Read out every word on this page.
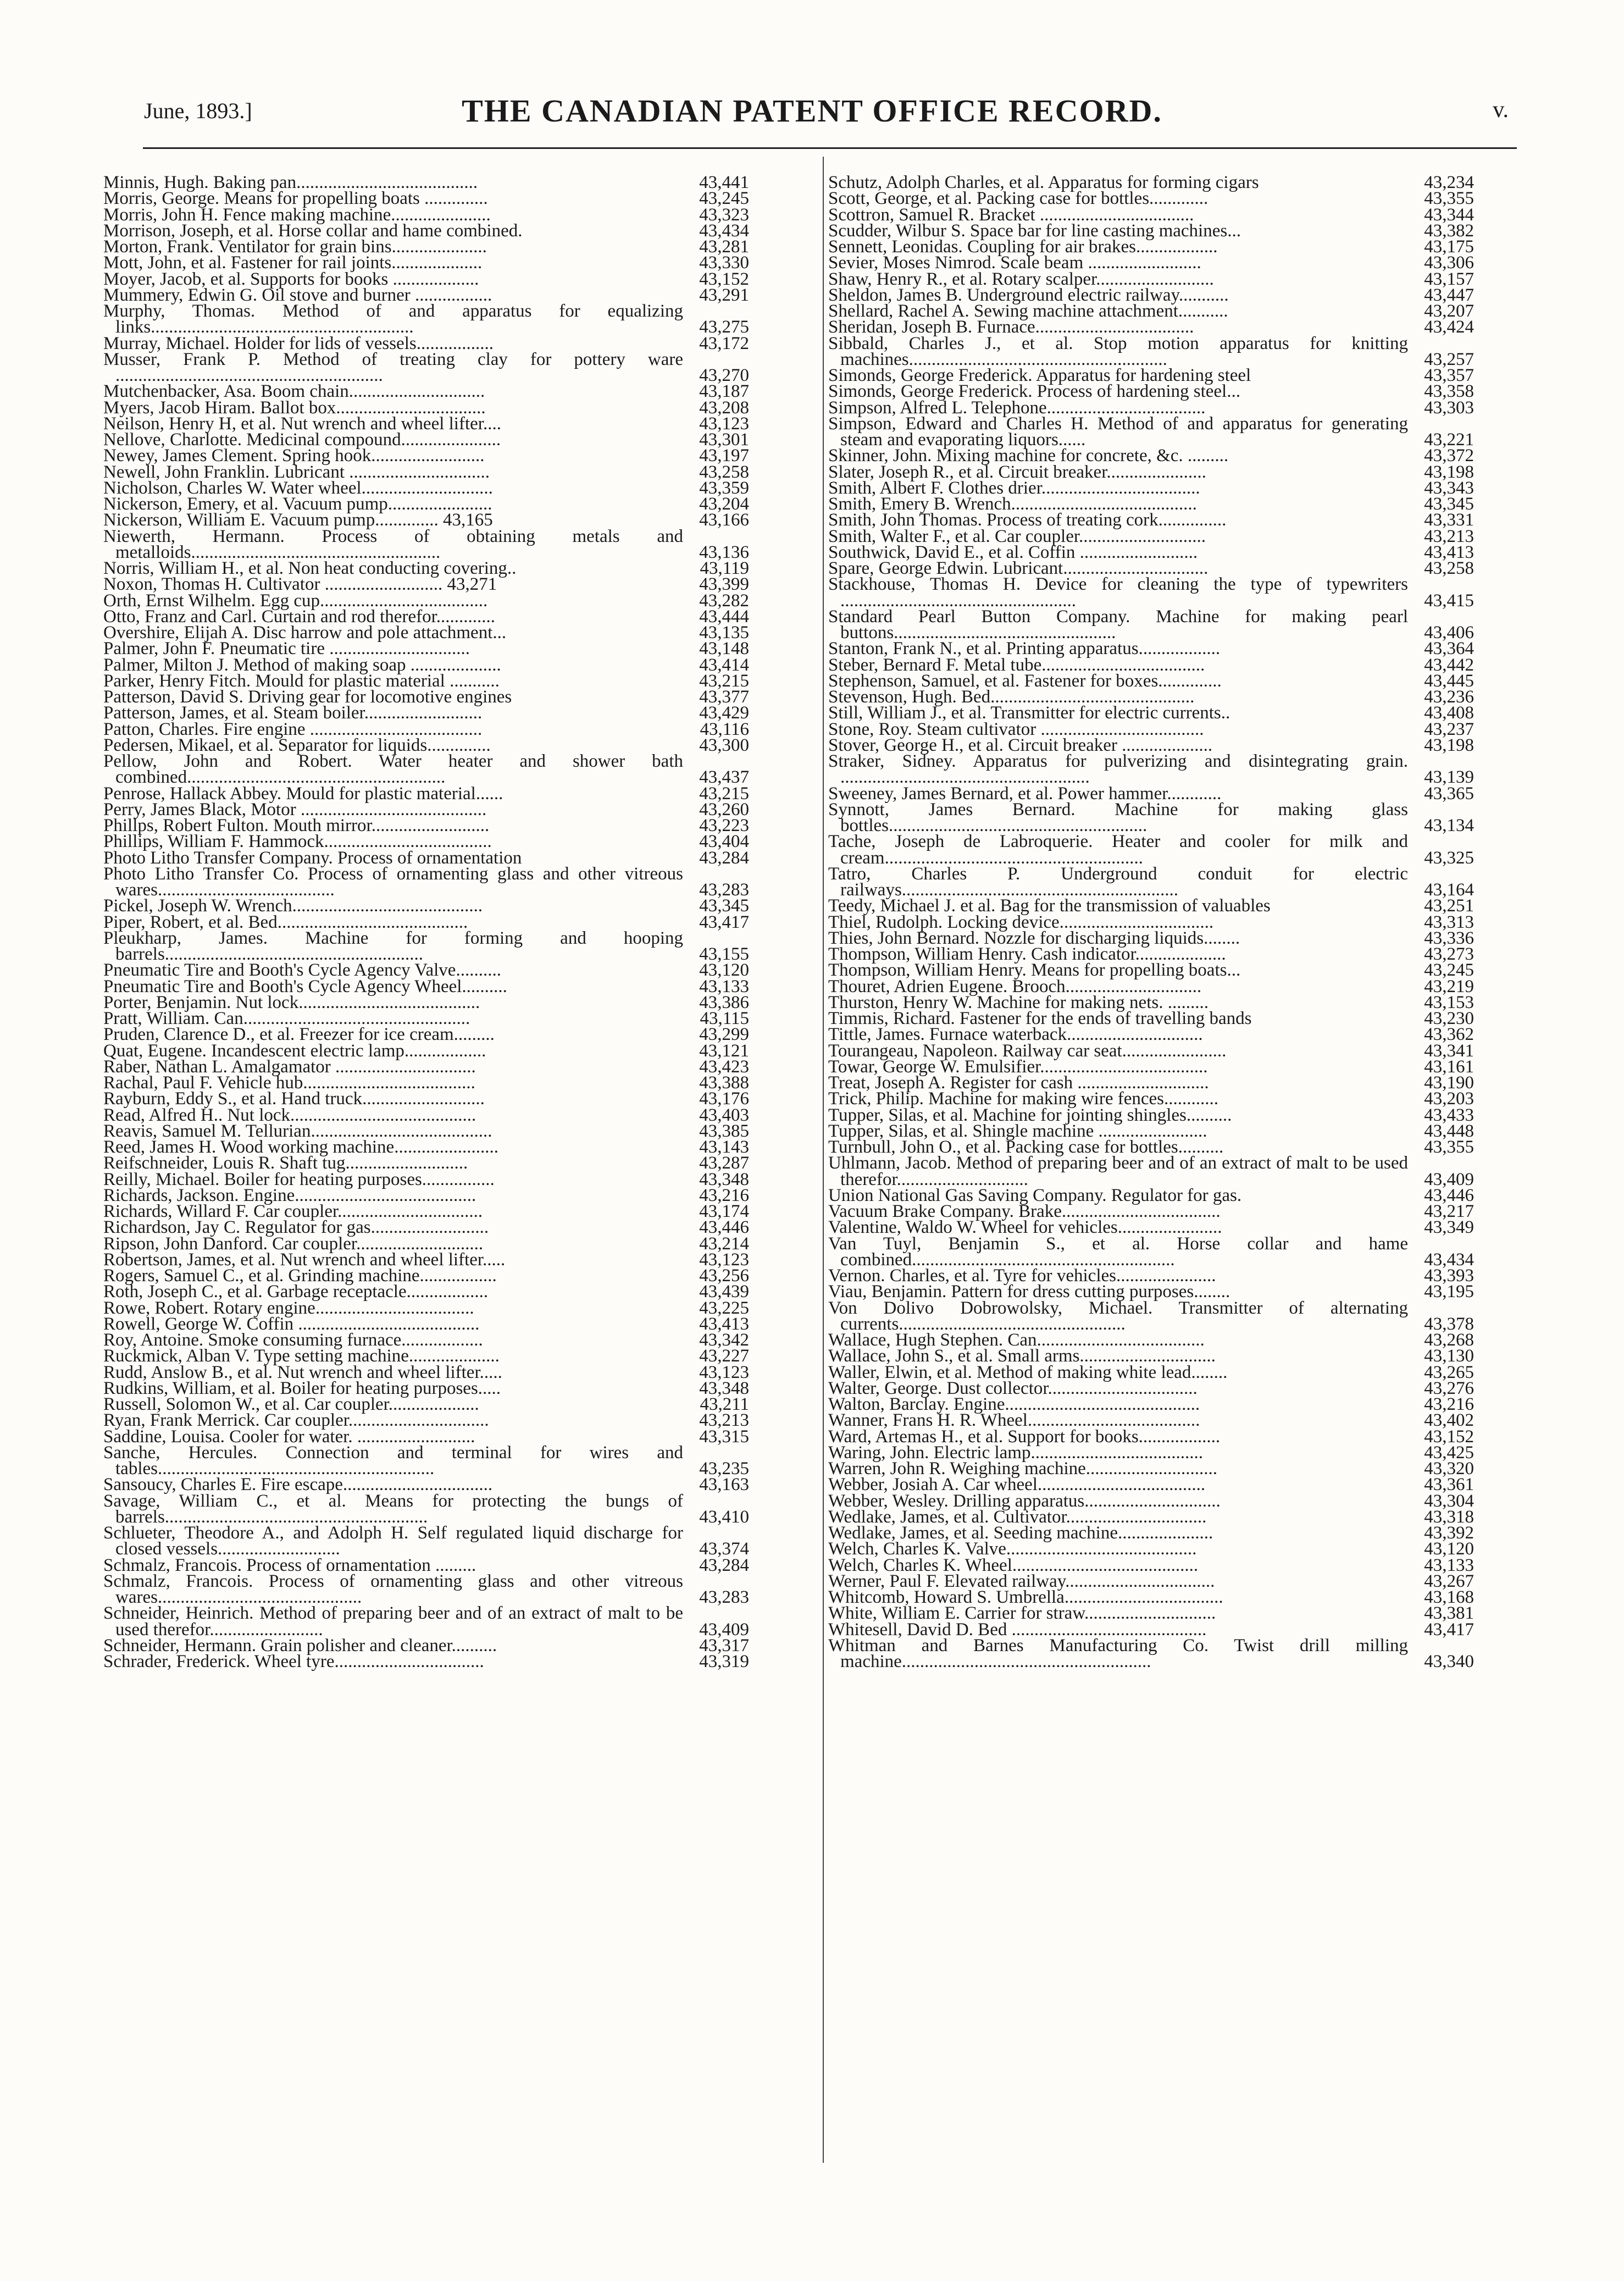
June, 1893.]	THE CANADIAN PATENT OFFICE RECORD.	v.
Minnis, Hugh. Baking pan........................................	43,441
Morris, George. Means for propelling boats ..............	43,245
Morris, John H. Fence making machine......................	43,323
Morrison, Joseph, et al. Horse collar and hame combined.	43,434
Morton, Frank. Ventilator for grain bins.....................	43,281
Mott, John, et al. Fastener for rail joints....................	43,330
Moyer, Jacob, et al. Supports for books ...................	43,152
Mummery, Edwin G. Oil stove and burner .................	43,291
Murphy, Thomas. Method of and apparatus for equalizing links..........................................................	43,275
Murray, Michael. Holder for lids of vessels.................	43,172
Musser, Frank P. Method of treating clay for pottery ware ...........................................................	43,270
Mutchenbacker, Asa. Boom chain..............................	43,187
Myers, Jacob Hiram. Ballot box.................................	43,208
Neilson, Henry H, et al. Nut wrench and wheel lifter....	43,123
Nellove, Charlotte. Medicinal compound......................	43,301
Newey, James Clement. Spring hook.........................	43,197
Newell, John Franklin. Lubricant ...............................	43,258
Nicholson, Charles W. Water wheel.............................	43,359
Nickerson, Emery, et al. Vacuum pump.......................	43,204
Nickerson, William E. Vacuum pump.............. 43,165	43,166
Niewerth, Hermann. Process of obtaining metals and metalloids.......................................................	43,136
Norris, William H., et al. Non heat conducting covering..	43,119
Noxon, Thomas H. Cultivator .......................... 43,271	43,399
Orth, Ernst Wilhelm. Egg cup.....................................	43,282
Otto, Franz and Carl. Curtain and rod therefor.............	43,444
Overshire, Elijah A. Disc harrow and pole attachment...	43,135
Palmer, John F. Pneumatic tire ...............................	43,148
Palmer, Milton J. Method of making soap ....................	43,414
Parker, Henry Fitch. Mould for plastic material ...........	43,215
Patterson, David S. Driving gear for locomotive engines	43,377
Patterson, James, et al. Steam boiler..........................	43,429
Patton, Charles. Fire engine ......................................	43,116
Pedersen, Mikael, et al. Separator for liquids..............	43,300
Pellow, John and Robert. Water heater and shower bath combined.........................................................	43,437
Penrose, Hallack Abbey. Mould for plastic material......	43,215
Perry, James Black, Motor .........................................	43,260
Phillps, Robert Fulton. Mouth mirror..........................	43,223
Phillips, William F. Hammock.....................................	43,404
Photo Litho Transfer Company. Process of ornamentation	43,284
Photo Litho Transfer Co. Process of ornamenting glass and other vitreous wares.......................................	43,283
Pickel, Joseph W. Wrench..........................................	43,345
Piper, Robert, et al. Bed..........................................	43,417
Pleukharp, James. Machine for forming and hooping barrels.........................................................	43,155
Pneumatic Tire and Booth's Cycle Agency Valve..........	43,120
Pneumatic Tire and Booth's Cycle Agency Wheel..........	43,133
Porter, Benjamin. Nut lock........................................	43,386
Pratt, William. Can..................................................	43,115
Pruden, Clarence D., et al. Freezer for ice cream.........	43,299
Quat, Eugene. Incandescent electric lamp..................	43,121
Raber, Nathan L. Amalgamator ...............................	43,423
Rachal, Paul F. Vehicle hub......................................	43,388
Rayburn, Eddy S., et al. Hand truck...........................	43,176
Read, Alfred H.. Nut lock.........................................	43,403
Reavis, Samuel M. Tellurian........................................	43,385
Reed, James H. Wood working machine.......................	43,143
Reifschneider, Louis R. Shaft tug...........................	43,287
Reilly, Michael. Boiler for heating purposes................	43,348
Richards, Jackson. Engine........................................	43,216
Richards, Willard F. Car coupler................................	43,174
Richardson, Jay C. Regulator for gas..........................	43,446
Ripson, John Danford. Car coupler............................	43,214
Robertson, James, et al. Nut wrench and wheel lifter.....	43,123
Rogers, Samuel C., et al. Grinding machine.................	43,256
Roth, Joseph C., et al. Garbage receptacle..................	43,439
Rowe, Robert. Rotary engine...................................	43,225
Rowell, George W. Coffin ........................................	43,413
Roy, Antoine. Smoke consuming furnace..................	43,342
Ruckmick, Alban V. Type setting machine....................	43,227
Rudd, Anslow B., et al. Nut wrench and wheel lifter.....	43,123
Rudkins, William, et al. Boiler for heating purposes.....	43,348
Russell, Solomon W., et al. Car coupler....................	43,211
Ryan, Frank Merrick. Car coupler...............................	43,213
Saddine, Louisa. Cooler for water. ..........................	43,315
Sanche, Hercules. Connection and terminal for wires and tables.............................................................	43,235
Sansoucy, Charles E. Fire escape.................................	43,163
Savage, William C., et al. Means for protecting the bungs of barrels..........................................................	43,410
Schlueter, Theodore A., and Adolph H. Self regulated liquid discharge for closed vessels...........................	43,374
Schmalz, Francois. Process of ornamentation .........	43,284
Schmalz, Francois. Process of ornamenting glass and other vitreous wares.............................................	43,283
Schneider, Heinrich. Method of preparing beer and of an extract of malt to be used therefor.........................	43,409
Schneider, Hermann. Grain polisher and cleaner..........	43,317
Schrader, Frederick. Wheel tyre.................................	43,319
Schutz, Adolph Charles, et al. Apparatus for forming cigars	43,234
Scott, George, et al. Packing case for bottles.............	43,355
Scottron, Samuel R. Bracket ..................................	43,344
Scudder, Wilbur S. Space bar for line casting machines...	43,382
Sennett, Leonidas. Coupling for air brakes..................	43,175
Sevier, Moses Nimrod. Scale beam .........................	43,306
Shaw, Henry R., et al. Rotary scalper..........................	43,157
Sheldon, James B. Underground electric railway...........	43,447
Shellard, Rachel A. Sewing machine attachment...........	43,207
Sheridan, Joseph B. Furnace...................................	43,424
Sibbald, Charles J., et al. Stop motion apparatus for knitting machines.........................................................	43,257
Simonds, George Frederick. Apparatus for hardening steel	43,357
Simonds, George Frederick. Process of hardening steel...	43,358
Simpson, Alfred L. Telephone...................................	43,303
Simpson, Edward and Charles H. Method of and apparatus for generating steam and evaporating liquors......	43,221
Skinner, John. Mixing machine for concrete, &c. .........	43,372
Slater, Joseph R., et al. Circuit breaker......................	43,198
Smith, Albert F. Clothes drier...................................	43,343
Smith, Emery B. Wrench.........................................	43,345
Smith, John Thomas. Process of treating cork...............	43,331
Smith, Walter F., et al. Car coupler............................	43,213
Southwick, David E., et al. Coffin ..........................	43,413
Spare, George Edwin. Lubricant................................	43,258
Stackhouse, Thomas H. Device for cleaning the type of typewriters ....................................................	43,415
Standard Pearl Button Company. Machine for making pearl buttons.................................................	43,406
Stanton, Frank N., et al. Printing apparatus..................	43,364
Steber, Bernard F. Metal tube....................................	43,442
Stephenson, Samuel, et al. Fastener for boxes..............	43,445
Stevenson, Hugh. Bed.............................................	43,236
Still, William J., et al. Transmitter for electric currents..	43,408
Stone, Roy. Steam cultivator ....................................	43,237
Stover, George H., et al. Circuit breaker ....................	43,198
Straker, Sidney. Apparatus for pulverizing and disintegrating grain. .......................................................	43,139
Sweeney, James Bernard, et al. Power hammer............	43,365
Synnott, James Bernard. Machine for making glass bottles.........................................................	43,134
Tache, Joseph de Labroquerie. Heater and cooler for milk and cream.........................................................	43,325
Tatro, Charles P. Underground conduit for electric railways.............................................................	43,164
Teedy, Michael J. et al. Bag for the transmission of valuables	43,251
Thiel, Rudolph. Locking device..................................	43,313
Thies, John Bernard. Nozzle for discharging liquids........	43,336
Thompson, William Henry. Cash indicator....................	43,273
Thompson, William Henry. Means for propelling boats...	43,245
Thouret, Adrien Eugene. Brooch..............................	43,219
Thurston, Henry W. Machine for making nets. .........	43,153
Timmis, Richard. Fastener for the ends of travelling bands	43,230
Tittle, James. Furnace waterback..............................	43,362
Tourangeau, Napoleon. Railway car seat.......................	43,341
Towar, George W. Emulsifier.....................................	43,161
Treat, Joseph A. Register for cash .............................	43,190
Trick, Philip. Machine for making wire fences............	43,203
Tupper, Silas, et al. Machine for jointing shingles..........	43,433
Tupper, Silas, et al. Shingle machine ........................	43,448
Turnbull, John O., et al. Packing case for bottles..........	43,355
Uhlmann, Jacob. Method of preparing beer and of an extract of malt to be used therefor.............................	43,409
Union National Gas Saving Company. Regulator for gas.	43,446
Vacuum Brake Company. Brake...................................	43,217
Valentine, Waldo W. Wheel for vehicles.......................	43,349
Van Tuyl, Benjamin S., et al. Horse collar and hame combined..........................................................	43,434
Vernon. Charles, et al. Tyre for vehicles......................	43,393
Viau, Benjamin. Pattern for dress cutting purposes........	43,195
Von Dolivo Dobrowolsky, Michael. Transmitter of alternating currents..................................................	43,378
Wallace, Hugh Stephen. Can.....................................	43,268
Wallace, John S., et al. Small arms..............................	43,130
Waller, Elwin, et al. Method of making white lead........	43,265
Walter, George. Dust collector.................................	43,276
Walton, Barclay. Engine...........................................	43,216
Wanner, Frans H. R. Wheel......................................	43,402
Ward, Artemas H., et al. Support for books..................	43,152
Waring, John. Electric lamp......................................	43,425
Warren, John R. Weighing machine.............................	43,320
Webber, Josiah A. Car wheel.....................................	43,361
Webber, Wesley. Drilling apparatus..............................	43,304
Wedlake, James, et al. Cultivator...............................	43,318
Wedlake, James, et al. Seeding machine.....................	43,392
Welch, Charles K. Valve..........................................	43,120
Welch, Charles K. Wheel.........................................	43,133
Werner, Paul F. Elevated railway.................................	43,267
Whitcomb, Howard S. Umbrella...................................	43,168
White, William E. Carrier for straw.............................	43,381
Whitesell, David D. Bed ...........................................	43,417
Whitman and Barnes Manufacturing Co. Twist drill milling machine.......................................................	43,340
